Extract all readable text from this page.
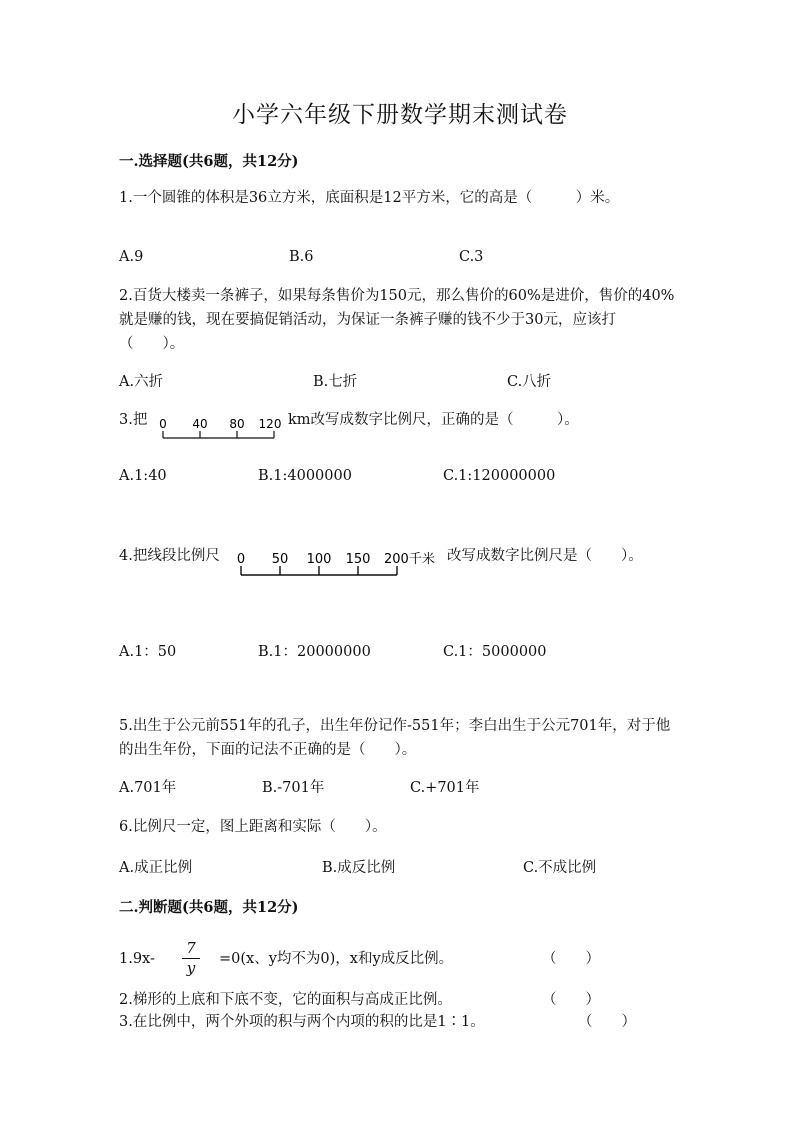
小学六年级下册数学期末测试卷
一.选择题(共6题，共12分)
1.一个圆锥的体积是36立方米，底面积是12平方米，它的高是（　　　）米。
A.9	B.6	C.3
2.百货大楼卖一条裤子，如果每条售价为150元，那么售价的60%是进价，售价的40%就是赚的钱，现在要搞促销活动，为保证一条裤子赚的钱不少于30元，应该打（　　）。
A.六折	B.七折	C.八折
3.把 0 40 80 120 km改写成数字比例尺，正确的是（　　　）。
A.1:40	B.1:4000000	C.1:120000000
4.把线段比例尺 0 50 100 150 200千米 改写成数字比例尺是（　　）。
A.1：50	B.1：20000000	C.1：5000000
5.出生于公元前551年的孔子，出生年份记作-551年；李白出生于公元701年，对于他的出生年份，下面的记法不正确的是（　　）。
A.701年	B.-701年	C.+701年
6.比例尺一定，图上距离和实际（　　）。
A.成正比例	B.成反比例	C.不成比例
二.判断题(共6题，共12分)
1.9x-
7
y =0(x、y均不为0)，x和y成反比例。	（　　）
2.梯形的上底和下底不变，它的面积与高成正比例。	（　　）
3.在比例中，两个外项的积与两个内项的积的比是1∶1。	（　　）
